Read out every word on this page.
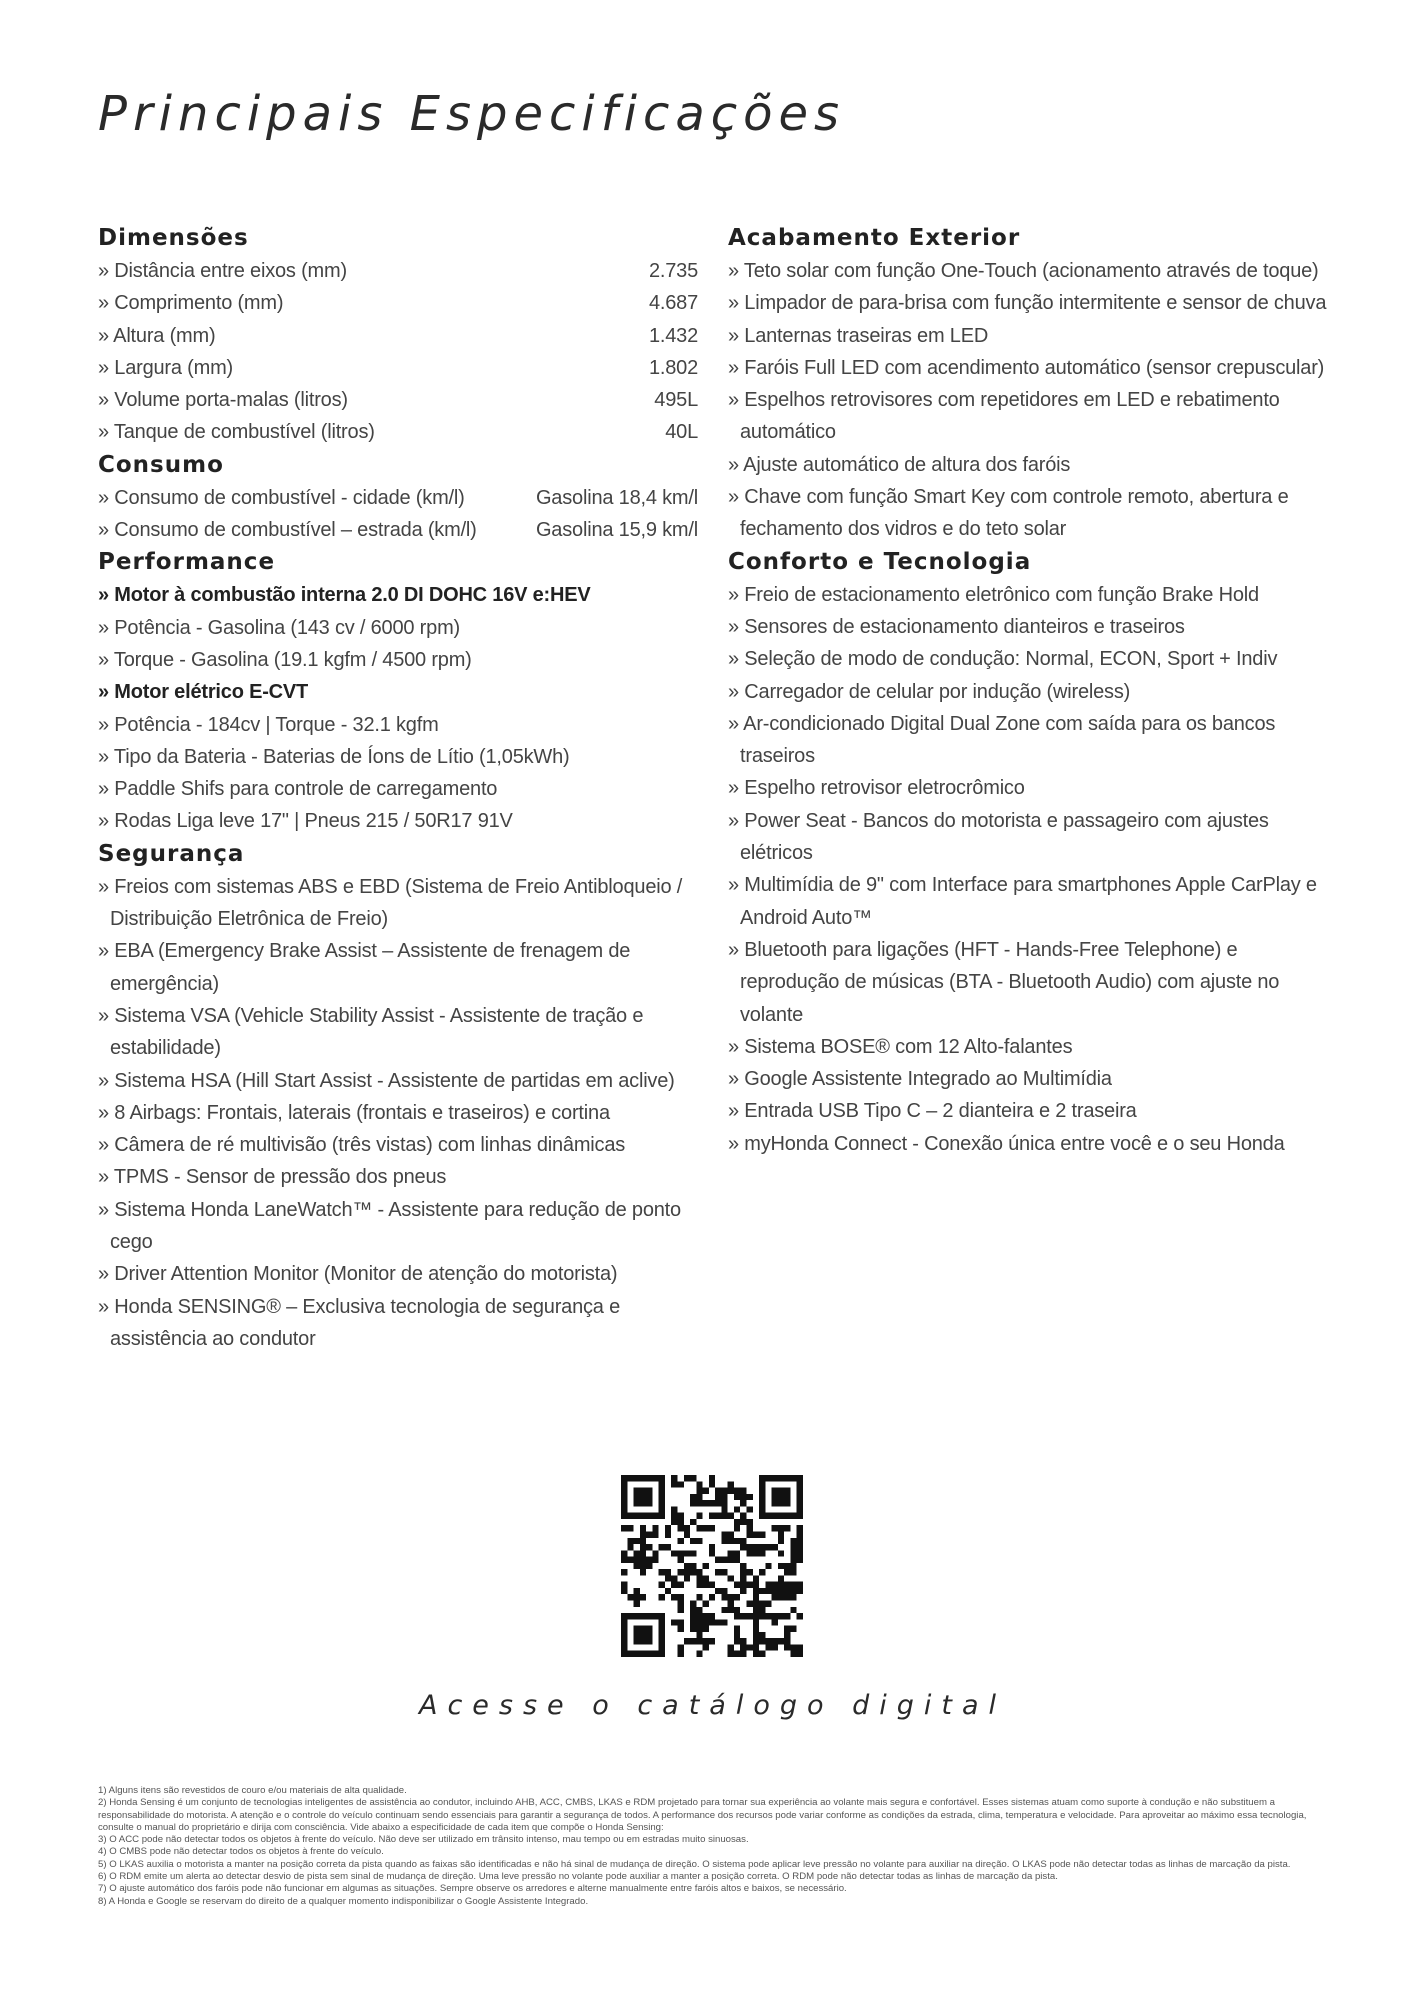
Principais Especificações
Dimensões
» Distância entre eixos (mm)	2.735
» Comprimento (mm)	4.687
» Altura (mm)	1.432
» Largura (mm)	1.802
» Volume porta-malas (litros)	495L
» Tanque de combustível (litros)	40L
Consumo
» Consumo de combustível - cidade (km/l)	Gasolina 18,4 km/l
» Consumo de combustível – estrada (km/l)	Gasolina 15,9 km/l
Performance
» Motor à combustão interna 2.0 DI DOHC 16V e:HEV
» Potência - Gasolina (143 cv / 6000 rpm)
» Torque - Gasolina (19.1 kgfm / 4500 rpm)
» Motor elétrico E-CVT
» Potência - 184cv | Torque - 32.1 kgfm
» Tipo da Bateria - Baterias de Íons de Lítio (1,05kWh)
» Paddle Shifs para controle de carregamento
» Rodas Liga leve 17" | Pneus 215 / 50R17 91V
Segurança
» Freios com sistemas ABS e EBD (Sistema de Freio Antibloqueio / Distribuição Eletrônica de Freio)
» EBA (Emergency Brake Assist – Assistente de frenagem de emergência)
» Sistema VSA (Vehicle Stability Assist - Assistente de tração e estabilidade)
» Sistema HSA (Hill Start Assist - Assistente de partidas em aclive)
» 8 Airbags: Frontais, laterais (frontais e traseiros) e cortina
» Câmera de ré multivisão (três vistas) com linhas dinâmicas
» TPMS - Sensor de pressão dos pneus
» Sistema Honda LaneWatch™ - Assistente para redução de ponto cego
» Driver Attention Monitor (Monitor de atenção do motorista)
» Honda SENSING® – Exclusiva tecnologia de segurança e assistência ao condutor
Acabamento Exterior
» Teto solar com função One-Touch (acionamento através de toque)
» Limpador de para-brisa com função intermitente e sensor de chuva
» Lanternas traseiras em LED
» Faróis Full LED com acendimento automático (sensor crepuscular)
» Espelhos retrovisores com repetidores em LED e rebatimento automático
» Ajuste automático de altura dos faróis
» Chave com função Smart Key com controle remoto, abertura e fechamento dos vidros e do teto solar
Conforto e Tecnologia
» Freio de estacionamento eletrônico com função Brake Hold
» Sensores de estacionamento dianteiros e traseiros
» Seleção de modo de condução: Normal, ECON, Sport + Indiv
» Carregador de celular por indução (wireless)
» Ar-condicionado Digital Dual Zone com saída para os bancos traseiros
» Espelho retrovisor eletrocrômico
» Power Seat - Bancos do motorista e passageiro com ajustes elétricos
» Multimídia de 9" com Interface para smartphones Apple CarPlay e Android Auto™
» Bluetooth para ligações (HFT - Hands-Free Telephone) e reprodução de músicas (BTA - Bluetooth Audio) com ajuste no volante
» Sistema BOSE® com 12 Alto-falantes
» Google Assistente Integrado ao Multimídia
» Entrada USB Tipo C – 2 dianteira e 2 traseira
» myHonda Connect - Conexão única entre você e o seu Honda
Acesse o catálogo digital
1) Alguns itens são revestidos de couro e/ou materiais de alta qualidade.
2) Honda Sensing é um conjunto de tecnologias inteligentes de assistência ao condutor, incluindo AHB, ACC, CMBS, LKAS e RDM projetado para tornar sua experiência ao volante mais segura e confortável. Esses sistemas atuam como suporte à condução e não substituem a responsabilidade do motorista. A atenção e o controle do veículo continuam sendo essenciais para garantir a segurança de todos. A performance dos recursos pode variar conforme as condições da estrada, clima, temperatura e velocidade. Para aproveitar ao máximo essa tecnologia, consulte o manual do proprietário e dirija com consciência. Vide abaixo a especificidade de cada item que compõe o Honda Sensing:
3) O ACC pode não detectar todos os objetos à frente do veículo. Não deve ser utilizado em trânsito intenso, mau tempo ou em estradas muito sinuosas.
4) O CMBS pode não detectar todos os objetos à frente do veículo.
5) O LKAS auxilia o motorista a manter na posição correta da pista quando as faixas são identificadas e não há sinal de mudança de direção. O sistema pode aplicar leve pressão no volante para auxiliar na direção. O LKAS pode não detectar todas as linhas de marcação da pista.
6) O RDM emite um alerta ao detectar desvio de pista sem sinal de mudança de direção. Uma leve pressão no volante pode auxiliar a manter a posição correta. O RDM pode não detectar todas as linhas de marcação da pista.
7) O ajuste automático dos faróis pode não funcionar em algumas as situações. Sempre observe os arredores e alterne manualmente entre faróis altos e baixos, se necessário.
8) A Honda e Google se reservam do direito de a qualquer momento indisponibilizar o Google Assistente Integrado.
